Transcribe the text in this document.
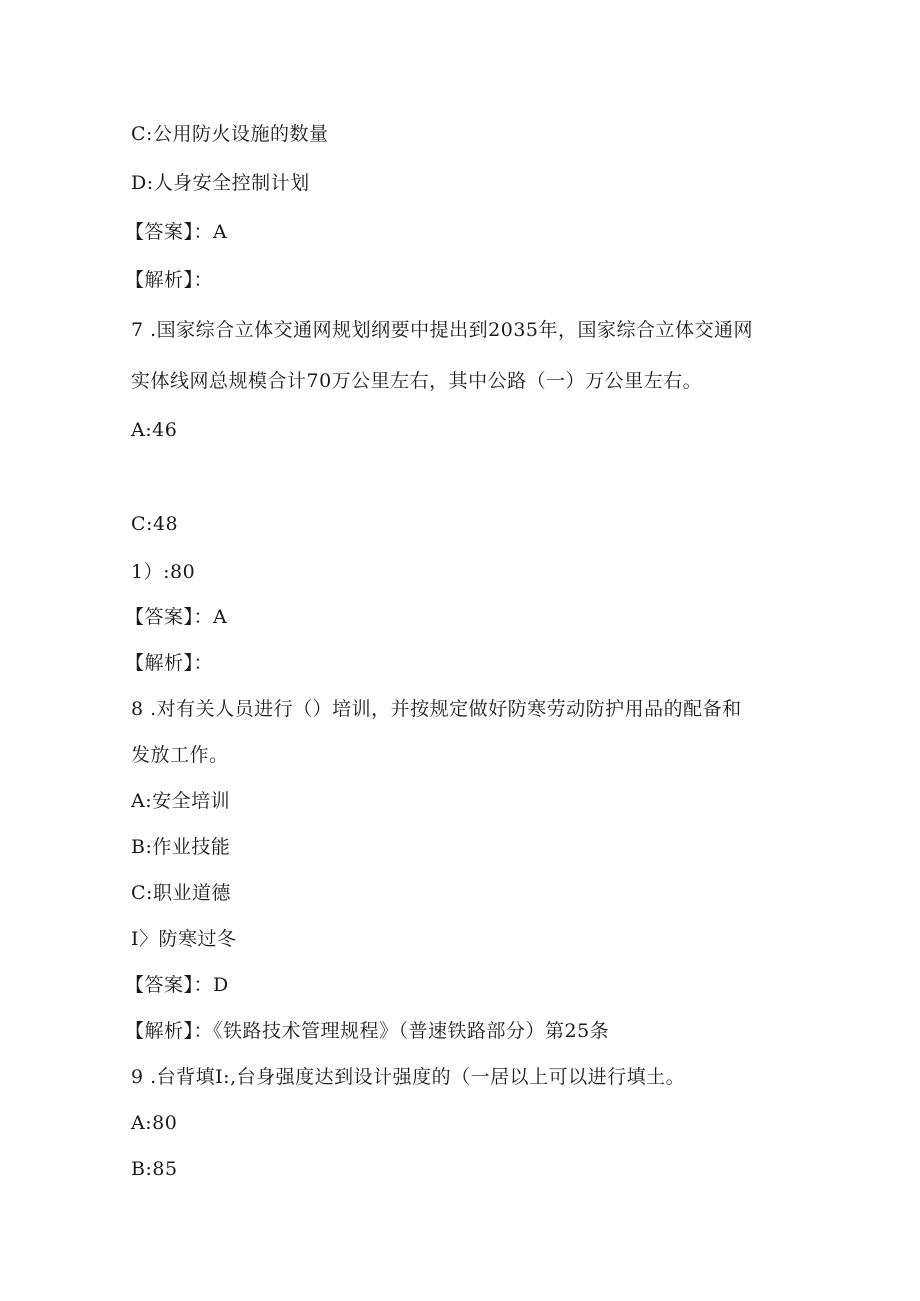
C:公用防火设施的数量
D:人身安全控制计划
【答案】：A
【解析】：
7 .国家综合立体交通网规划纲要中提出到2035年，国家综合立体交通网
实体线网总规模合计70万公里左右，其中公路（一）万公里左右。
A:46
C:48
1）:80
【答案】：A
【解析】：
8 .对有关人员进行（）培训，并按规定做好防寒劳动防护用品的配备和
发放工作。
A:安全培训
B:作业技能
C:职业道德
I〉防寒过冬
【答案】：D
【解析】：《铁路技术管理规程》（普速铁路部分）第25条
9 .台背填I:,台身强度达到设计强度的（一居以上可以进行填土。
A:80
B:85
